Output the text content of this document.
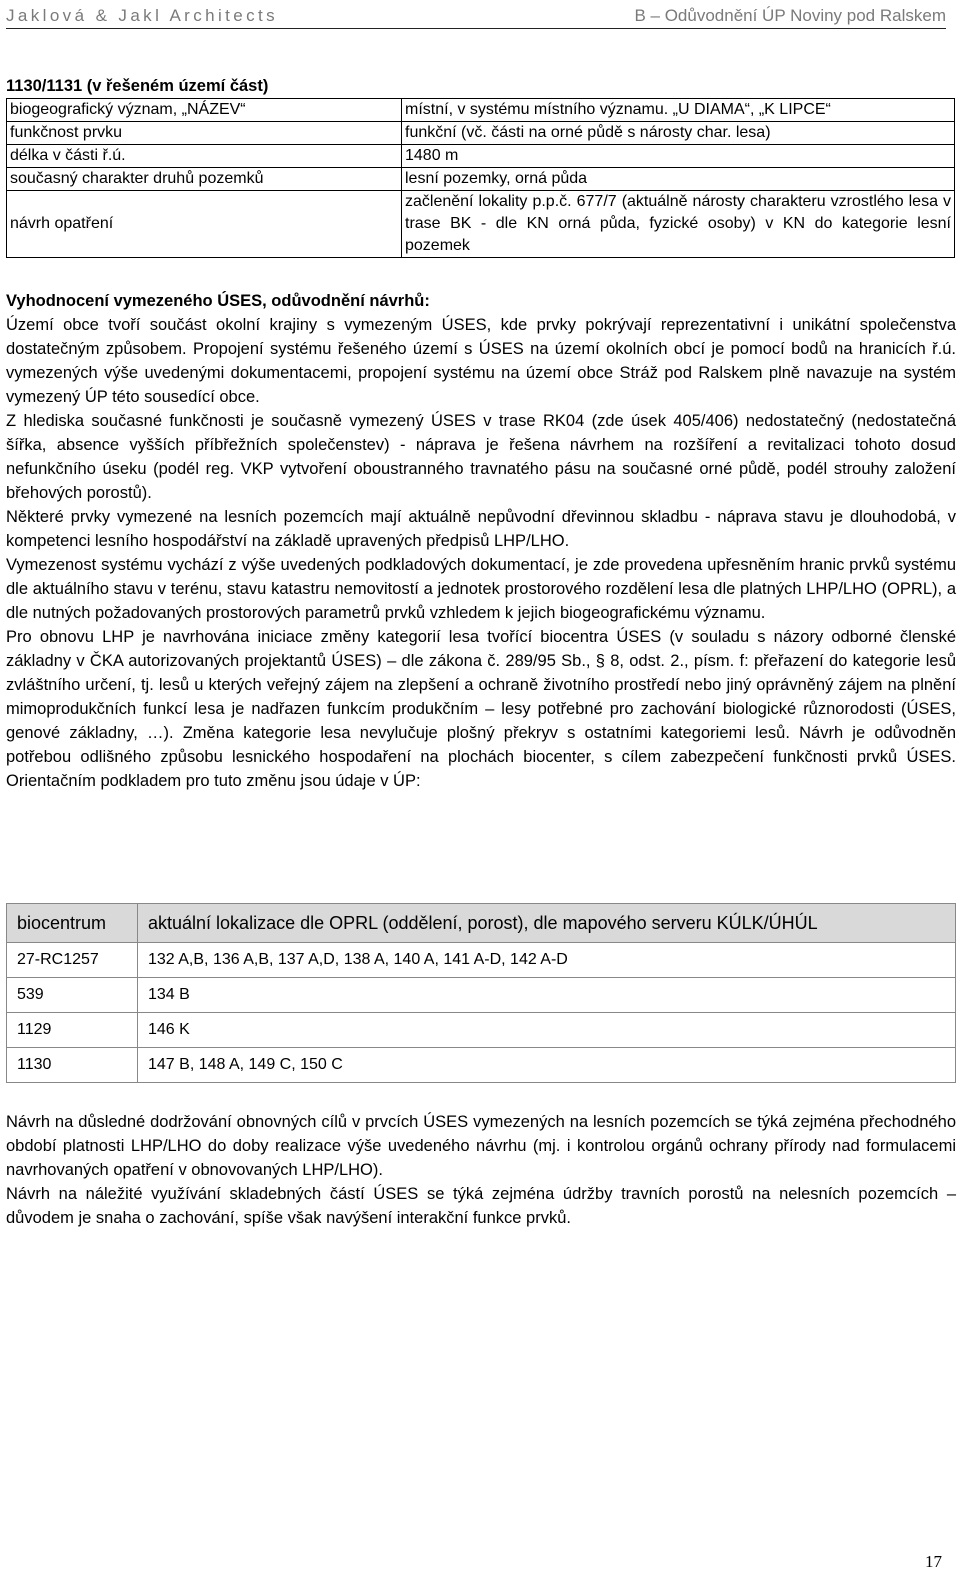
Jaklová & Jakl Architects	B – Odůvodnění ÚP Noviny pod Ralskem
1130/1131 (v řešeném území část)
biogeografický význam, „NÁZEV“	místní, v systému místního významu. „U DIAMA“, „K LIPCE“
funkčnost prvku	funkční (vč. části na orné půdě s nárosty char. lesa)
délka v části ř.ú.	1480 m
současný charakter druhů pozemků	lesní pozemky, orná půda
návrh opatření	začlenění lokality p.p.č. 677/7 (aktuálně nárosty charakteru vzrostlého lesa v trase BK - dle KN orná půda, fyzické osoby) v KN do kategorie lesní pozemek

Vyhodnocení vymezeného ÚSES, odůvodnění návrhů:

Území obce tvoří součást okolní krajiny s vymezeným ÚSES, kde prvky pokrývají reprezentativní i unikátní společenstva dostatečným způsobem. Propojení systému řešeného území s ÚSES na území okolních obcí je pomocí bodů na hranicích ř.ú. vymezených výše uvedenými dokumentacemi, propojení systému na území obce Stráž pod Ralskem plně navazuje na systém vymezený ÚP této sousedící obce.

Z hlediska současné funkčnosti je současně vymezený ÚSES v trase RK04 (zde úsek 405/406) nedostatečný (nedostatečná šířka, absence vyšších příbřežních společenstev) - náprava je řešena návrhem na rozšíření a revitalizaci tohoto dosud nefunkčního úseku (podél reg. VKP vytvoření oboustranného travnatého pásu na současné orné půdě, podél strouhy založení břehových porostů).

Některé prvky vymezené na lesních pozemcích mají aktuálně nepůvodní dřevinnou skladbu - náprava stavu je dlouhodobá, v kompetenci lesního hospodářství na základě upravených předpisů LHP/LHO.

Vymezenost systému vychází z výše uvedených podkladových dokumentací, je zde provedena upřesněním hranic prvků systému dle aktuálního stavu v terénu, stavu katastru nemovitostí a jednotek prostorového rozdělení lesa dle platných LHP/LHO (OPRL), a dle nutných požadovaných prostorových parametrů prvků vzhledem k jejich biogeografickému významu.

Pro obnovu LHP je navrhována iniciace změny kategorií lesa tvořící biocentra ÚSES (v souladu s názory odborné členské základny v ČKA autorizovaných projektantů ÚSES) – dle zákona č. 289/95 Sb., § 8, odst. 2., písm. f: přeřazení do kategorie lesů zvláštního určení, tj. lesů u kterých veřejný zájem na zlepšení a ochraně životního prostředí nebo jiný oprávněný zájem na plnění mimoprodukčních funkcí lesa je nadřazen funkcím produkčním – lesy potřebné pro zachování biologické různorodosti (ÚSES, genové základny, …). Změna kategorie lesa nevylučuje plošný překryv s ostatními kategoriemi lesů. Návrh je odůvodněn potřebou odlišného způsobu lesnického hospodaření na plochách biocenter, s cílem zabezpečení funkčnosti prvků ÚSES. Orientačním podkladem pro tuto změnu jsou údaje v ÚP:

biocentrum	aktuální lokalizace dle OPRL (oddělení, porost), dle mapového serveru KÚLK/ÚHÚL
27-RC1257	132 A,B, 136 A,B, 137 A,D, 138 A, 140 A, 141 A-D, 142 A-D
539	134 B
1129	146 K
1130	147 B, 148 A, 149 C, 150 C

Návrh na důsledné dodržování obnovných cílů v prvcích ÚSES vymezených na lesních pozemcích se týká zejména přechodného období platnosti LHP/LHO do doby realizace výše uvedeného návrhu (mj. i kontrolou orgánů ochrany přírody nad formulacemi navrhovaných opatření v obnovovaných LHP/LHO).

Návrh na náležité využívání skladebných částí ÚSES se týká zejména údržby travních porostů na nelesních pozemcích – důvodem je snaha o zachování, spíše však navýšení interakční funkce prvků.

17
